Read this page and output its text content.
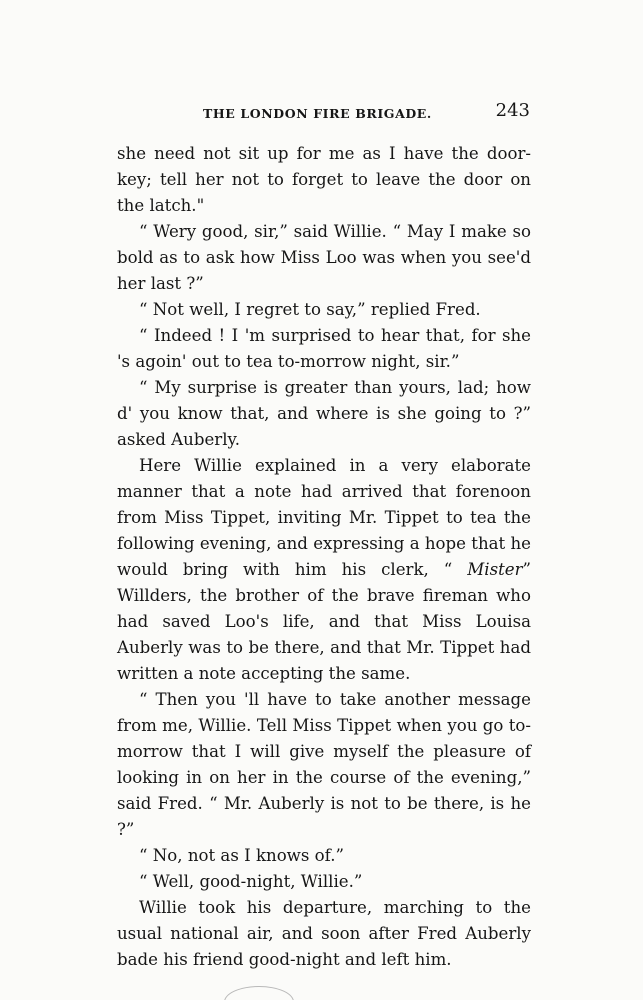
THE LONDON FIRE BRIGADE.	243

she need not sit up for me as I have the door-key; tell her not to forget to leave the door on the latch."

“ Wery good, sir,” said Willie. “ May I make so bold as to ask how Miss Loo was when you see'd her last ?”

“ Not well, I regret to say,” replied Fred.

“ Indeed ! I 'm surprised to hear that, for she 's agoin' out to tea to-morrow night, sir.”

“ My surprise is greater than yours, lad; how d' you know that, and where is she going to ?” asked Auberly.

Here Willie explained in a very elaborate manner that a note had arrived that forenoon from Miss Tippet, inviting Mr. Tippet to tea the following evening, and expressing a hope that he would bring with him his clerk, “ Mister” Willders, the brother of the brave fireman who had saved Loo's life, and that Miss Louisa Auberly was to be there, and that Mr. Tippet had written a note accepting the same.

“ Then you 'll have to take another message from me, Willie. Tell Miss Tippet when you go to-morrow that I will give myself the pleasure of looking in on her in the course of the evening,” said Fred. “ Mr. Auberly is not to be there, is he ?”

“ No, not as I knows of.”

“ Well, good-night, Willie.”

Willie took his departure, marching to the usual national air, and soon after Fred Auberly bade his friend good-night and left him.
